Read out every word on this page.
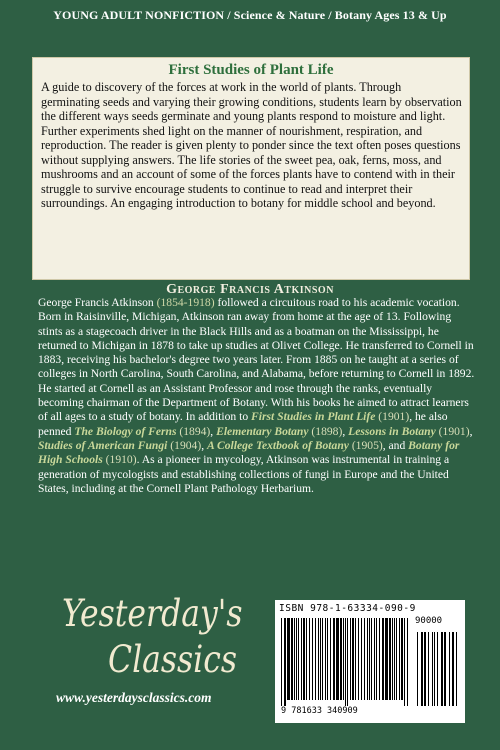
YOUNG ADULT NONFICTION / Science & Nature / Botany Ages 13 & Up
First Studies of Plant Life

A guide to discovery of the forces at work in the world of plants. Through germinating seeds and varying their growing conditions, students learn by observation the different ways seeds germinate and young plants respond to moisture and light. Further experiments shed light on the manner of nourishment, respiration, and reproduction. The reader is given plenty to ponder since the text often poses questions without supplying answers. The life stories of the sweet pea, oak, ferns, moss, and mushrooms and an account of some of the forces plants have to contend with in their struggle to survive encourage students to continue to read and interpret their surroundings. An engaging introduction to botany for middle school and beyond.

George Francis Atkinson

George Francis Atkinson (1854-1918) followed a circuitous road to his academic vocation. Born in Raisinville, Michigan, Atkinson ran away from home at the age of 13. Following stints as a stagecoach driver in the Black Hills and as a boatman on the Mississippi, he returned to Michigan in 1878 to take up studies at Olivet College. He transferred to Cornell in 1883, receiving his bachelor's degree two years later. From 1885 on he taught at a series of colleges in North Carolina, South Carolina, and Alabama, before returning to Cornell in 1892. He started at Cornell as an Assistant Professor and rose through the ranks, eventually becoming chairman of the Department of Botany. With his books he aimed to attract learners of all ages to a study of botany. In addition to First Studies in Plant Life (1901), he also penned The Biology of Ferns (1894), Elementary Botany (1898), Lessons in Botany (1901), Studies of American Fungi (1904), A College Textbook of Botany (1905), and Botany for High Schools (1910). As a pioneer in mycology, Atkinson was instrumental in training a generation of mycologists and establishing collections of fungi in Europe and the United States, including at the Cornell Plant Pathology Herbarium.

Yesterday's
Classics
www.yesterdaysclassics.com
ISBN 978-1-63334-090-9
90000
9 781633 340909
